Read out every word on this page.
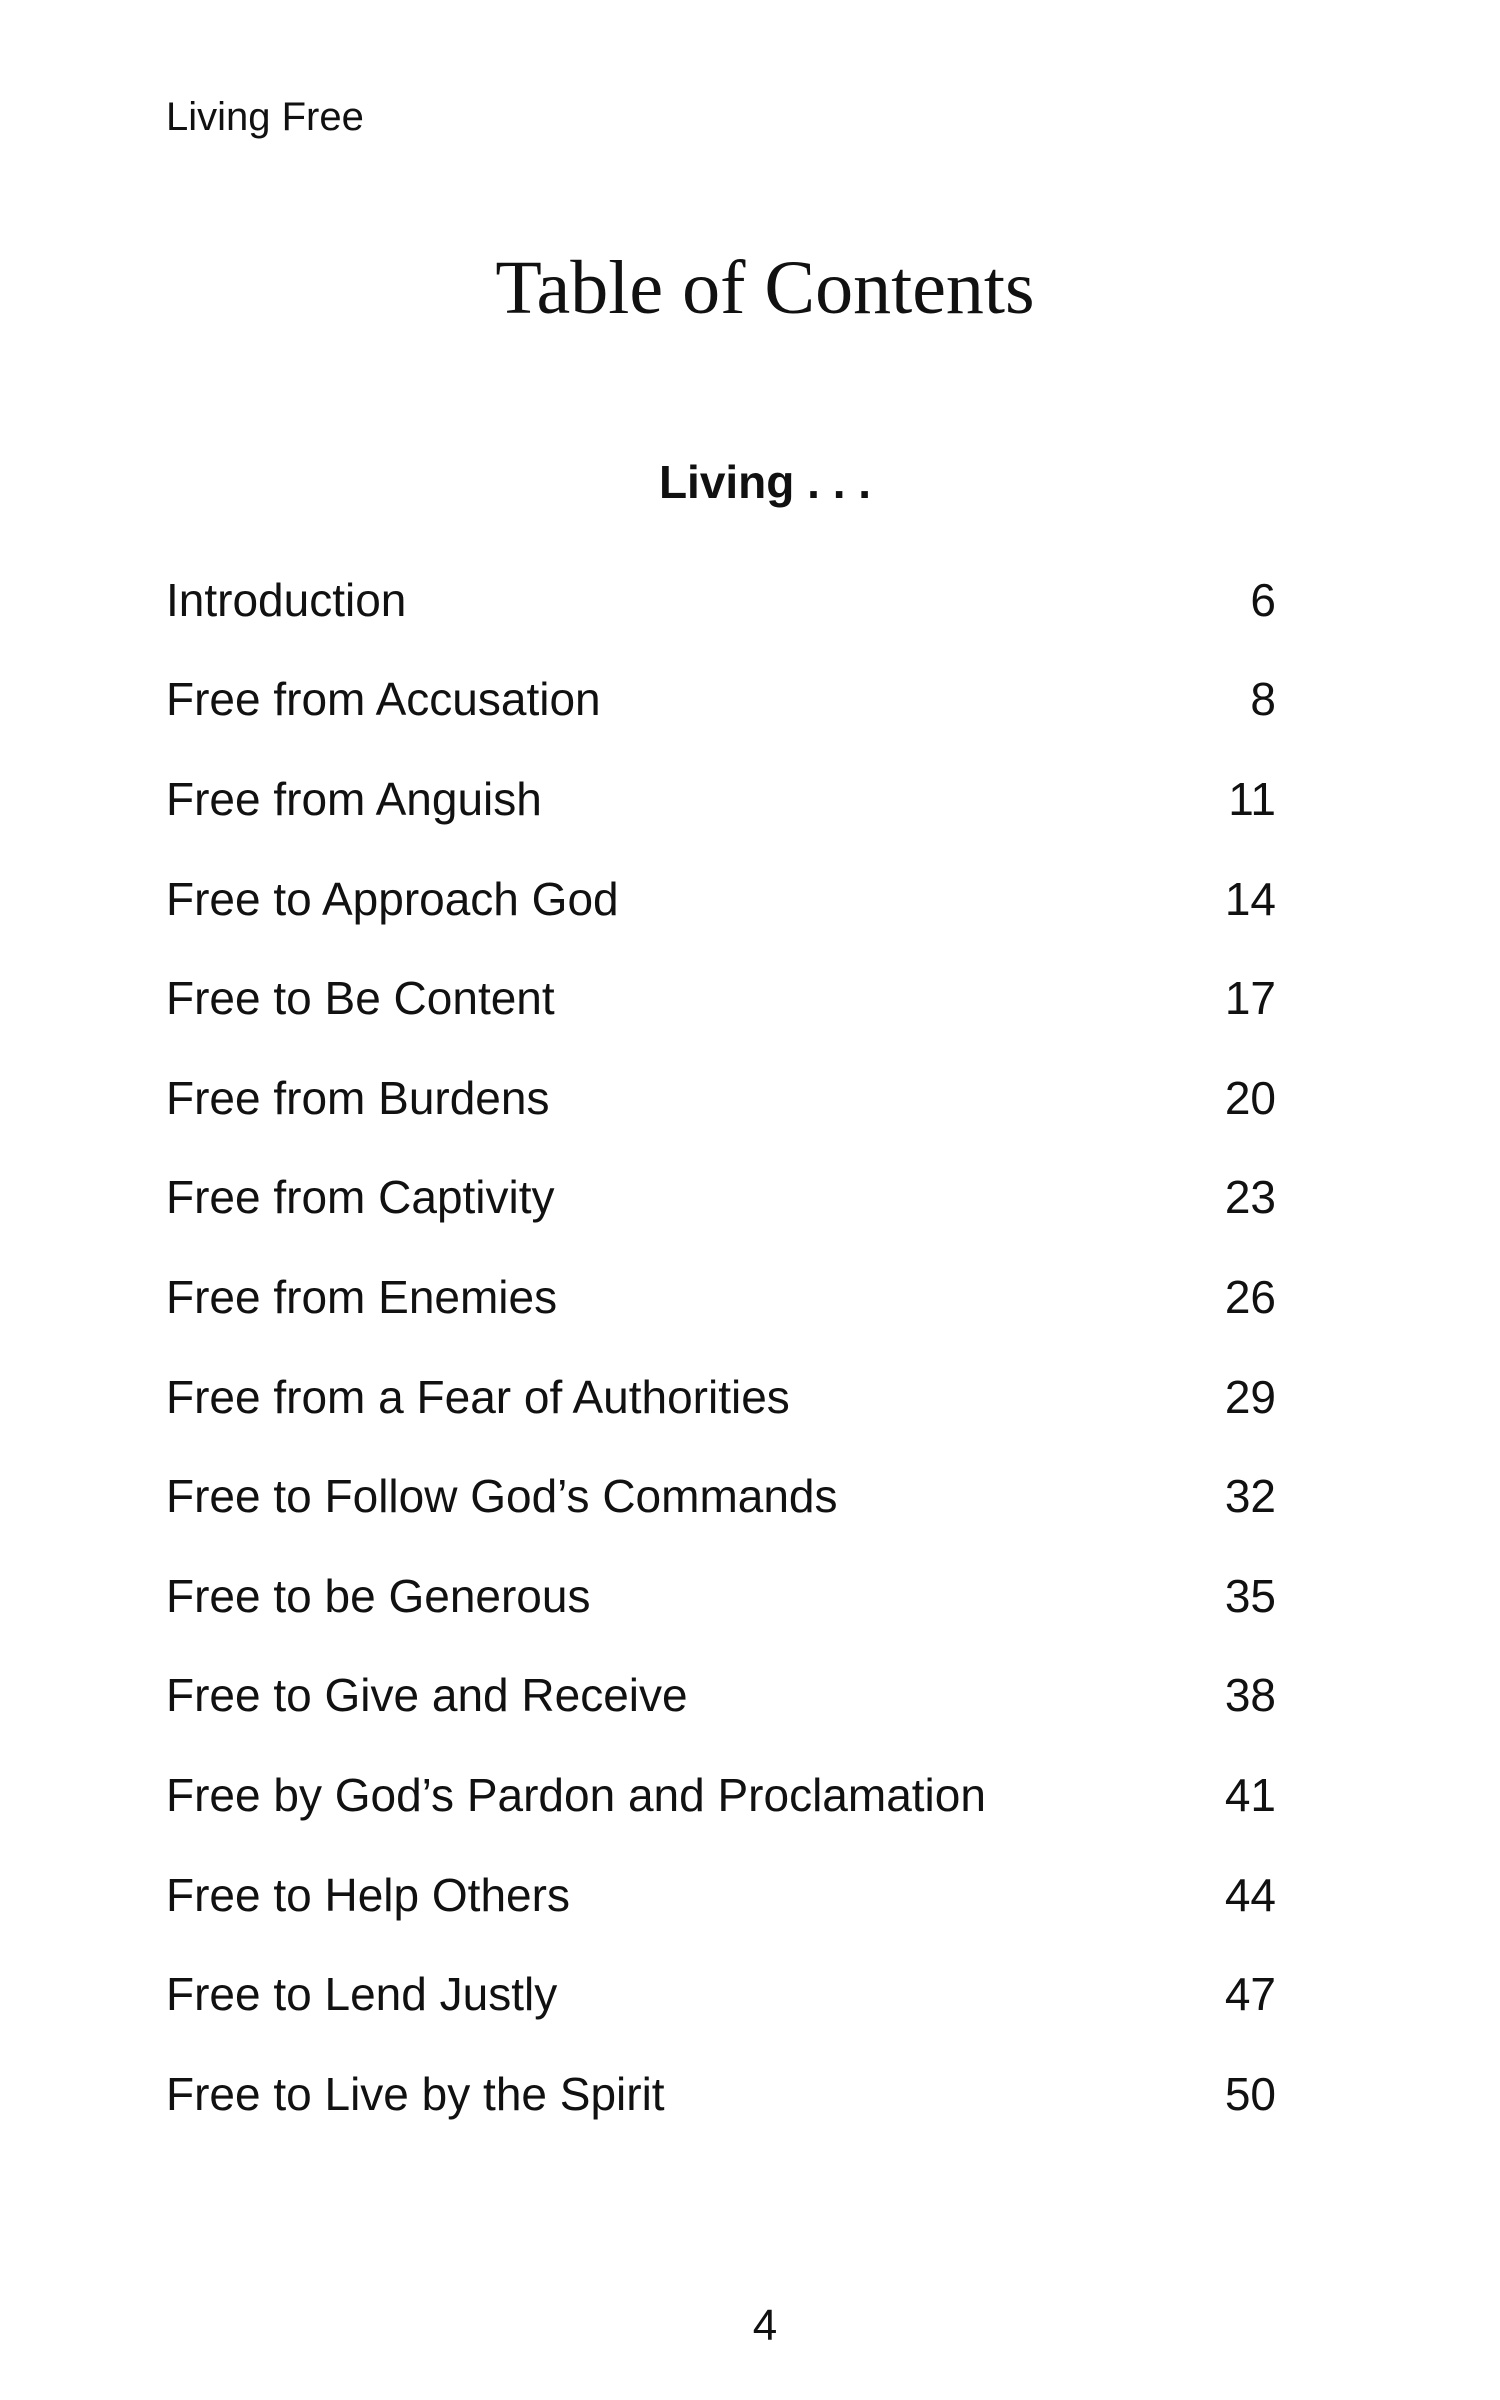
Living Free
Table of Contents
Living . . .
Introduction	6
Free from Accusation	8
Free from Anguish	11
Free to Approach God	14
Free to Be Content	17
Free from Burdens	20
Free from Captivity	23
Free from Enemies	26
Free from a Fear of Authorities	29
Free to Follow God’s Commands	32
Free to be Generous	35
Free to Give and Receive	38
Free by God’s Pardon and Proclamation	41
Free to Help Others	44
Free to Lend Justly	47
Free to Live by the Spirit	50
4
